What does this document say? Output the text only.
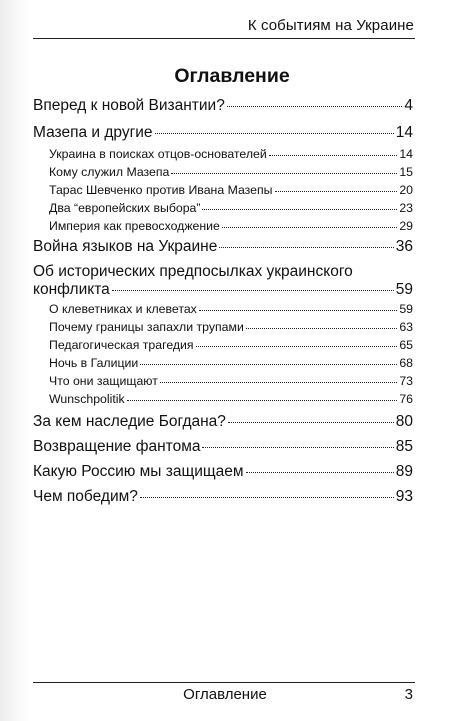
К событиям на Украине
Оглавление
Вперед к новой Византии?	4
Мазепа и другие	14
Украина в поисках отцов-основателей	14
Кому служил Мазепа	15
Тарас Шевченко против Ивана Мазепы	20
Два “европейских выбора”	23
Империя как превосходжение	29
Война языков на Украине	36
Об исторических предпосылках украинского
конфликта	59
О клеветниках и клеветах	59
Почему границы запахли трупами	63
Педагогическая трагедия	65
Ночь в Галиции	68
Что они защищают	73
Wunschpolitik	76
За кем наследие Богдана?	80
Возвращение фантома	85
Какую Россию мы защищаем	89
Чем победим?	93
Оглавление	3
